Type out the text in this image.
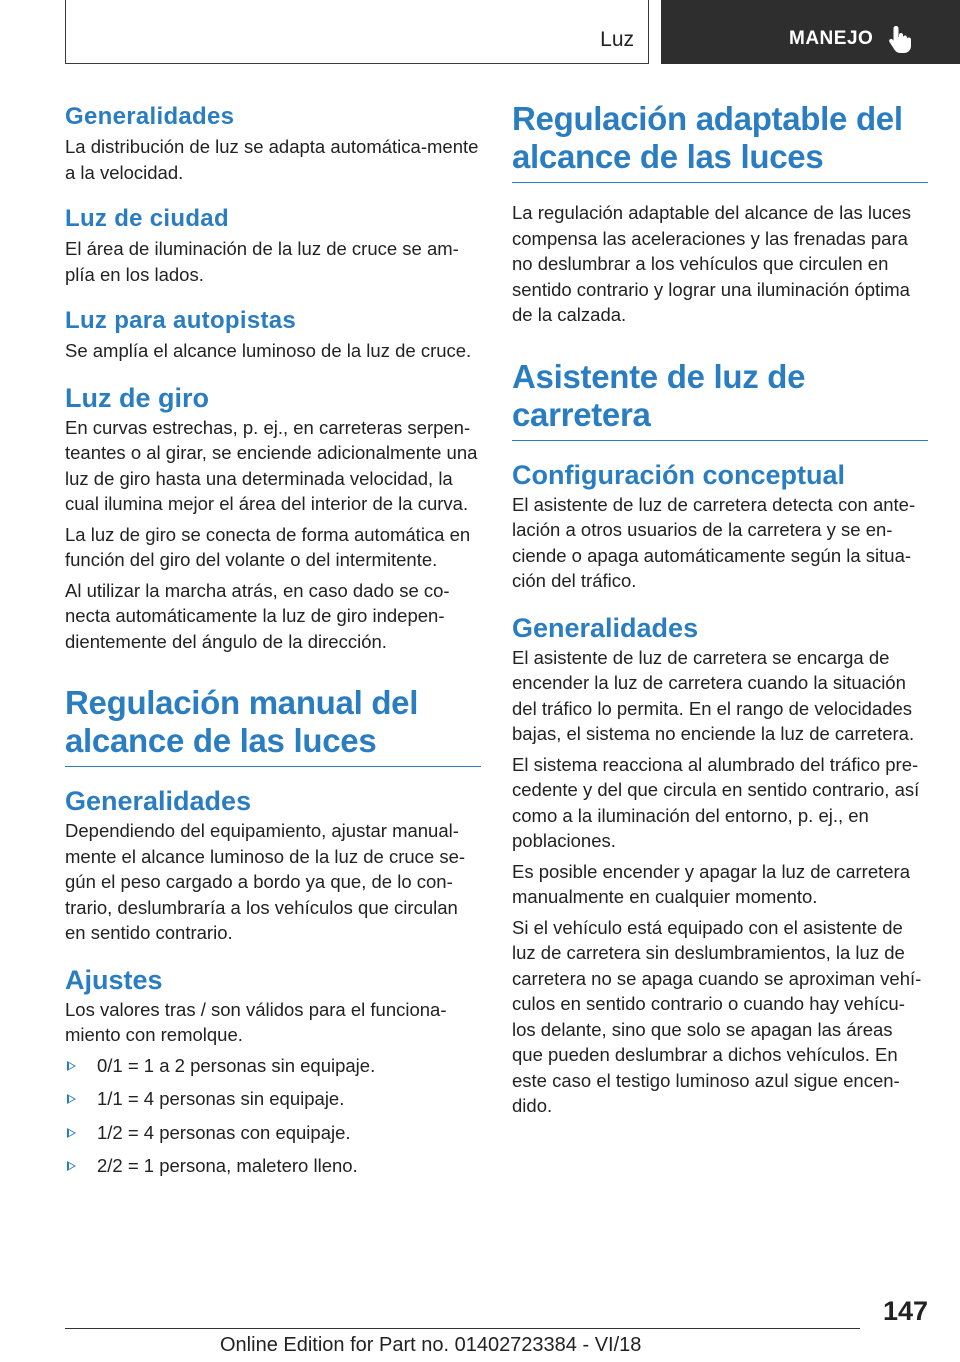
Luz	MANEJO
Generalidades

La distribución de luz se adapta automática-mente a la velocidad.

Luz de ciudad

El área de iluminación de la luz de cruce se am-plía en los lados.

Luz para autopistas

Se amplía el alcance luminoso de la luz de cruce.

Luz de giro

En curvas estrechas, p. ej., en carreteras serpen-teantes o al girar, se enciende adicionalmente una luz de giro hasta una determinada velocidad, la cual ilumina mejor el área del interior de la curva.

La luz de giro se conecta de forma automática en función del giro del volante o del intermitente.

Al utilizar la marcha atrás, en caso dado se co-necta automáticamente la luz de giro indepen-dientemente del ángulo de la dirección.

Regulación manual del alcance de las luces
Generalidades

Dependiendo del equipamiento, ajustar manual-mente el alcance luminoso de la luz de cruce se-gún el peso cargado a bordo ya que, de lo con-trario, deslumbraría a los vehículos que circulan en sentido contrario.

Ajustes

Los valores tras / son válidos para el funciona-miento con remolque.

0/1 = 1 a 2 personas sin equipaje.
1/1 = 4 personas sin equipaje.
1/2 = 4 personas con equipaje.
2/2 = 1 persona, maletero lleno.
Regulación adaptable del alcance de las luces

La regulación adaptable del alcance de las luces compensa las aceleraciones y las frenadas para no deslumbrar a los vehículos que circulen en sentido contrario y lograr una iluminación óptima de la calzada.

Asistente de luz de carretera
Configuración conceptual

El asistente de luz de carretera detecta con ante-lación a otros usuarios de la carretera y se en-ciende o apaga automáticamente según la situa-ción del tráfico.

Generalidades

El asistente de luz de carretera se encarga de encender la luz de carretera cuando la situación del tráfico lo permita. En el rango de velocidades bajas, el sistema no enciende la luz de carretera.

El sistema reacciona al alumbrado del tráfico pre-cedente y del que circula en sentido contrario, así como a la iluminación del entorno, p. ej., en poblaciones.

Es posible encender y apagar la luz de carretera manualmente en cualquier momento.

Si el vehículo está equipado con el asistente de luz de carretera sin deslumbramientos, la luz de carretera no se apaga cuando se aproximan vehí-culos en sentido contrario o cuando hay vehícu-los delante, sino que solo se apagan las áreas que pueden deslumbrar a dichos vehículos. En este caso el testigo luminoso azul sigue encen-dido.

147
Online Edition for Part no. 01402723384 - VI/18
